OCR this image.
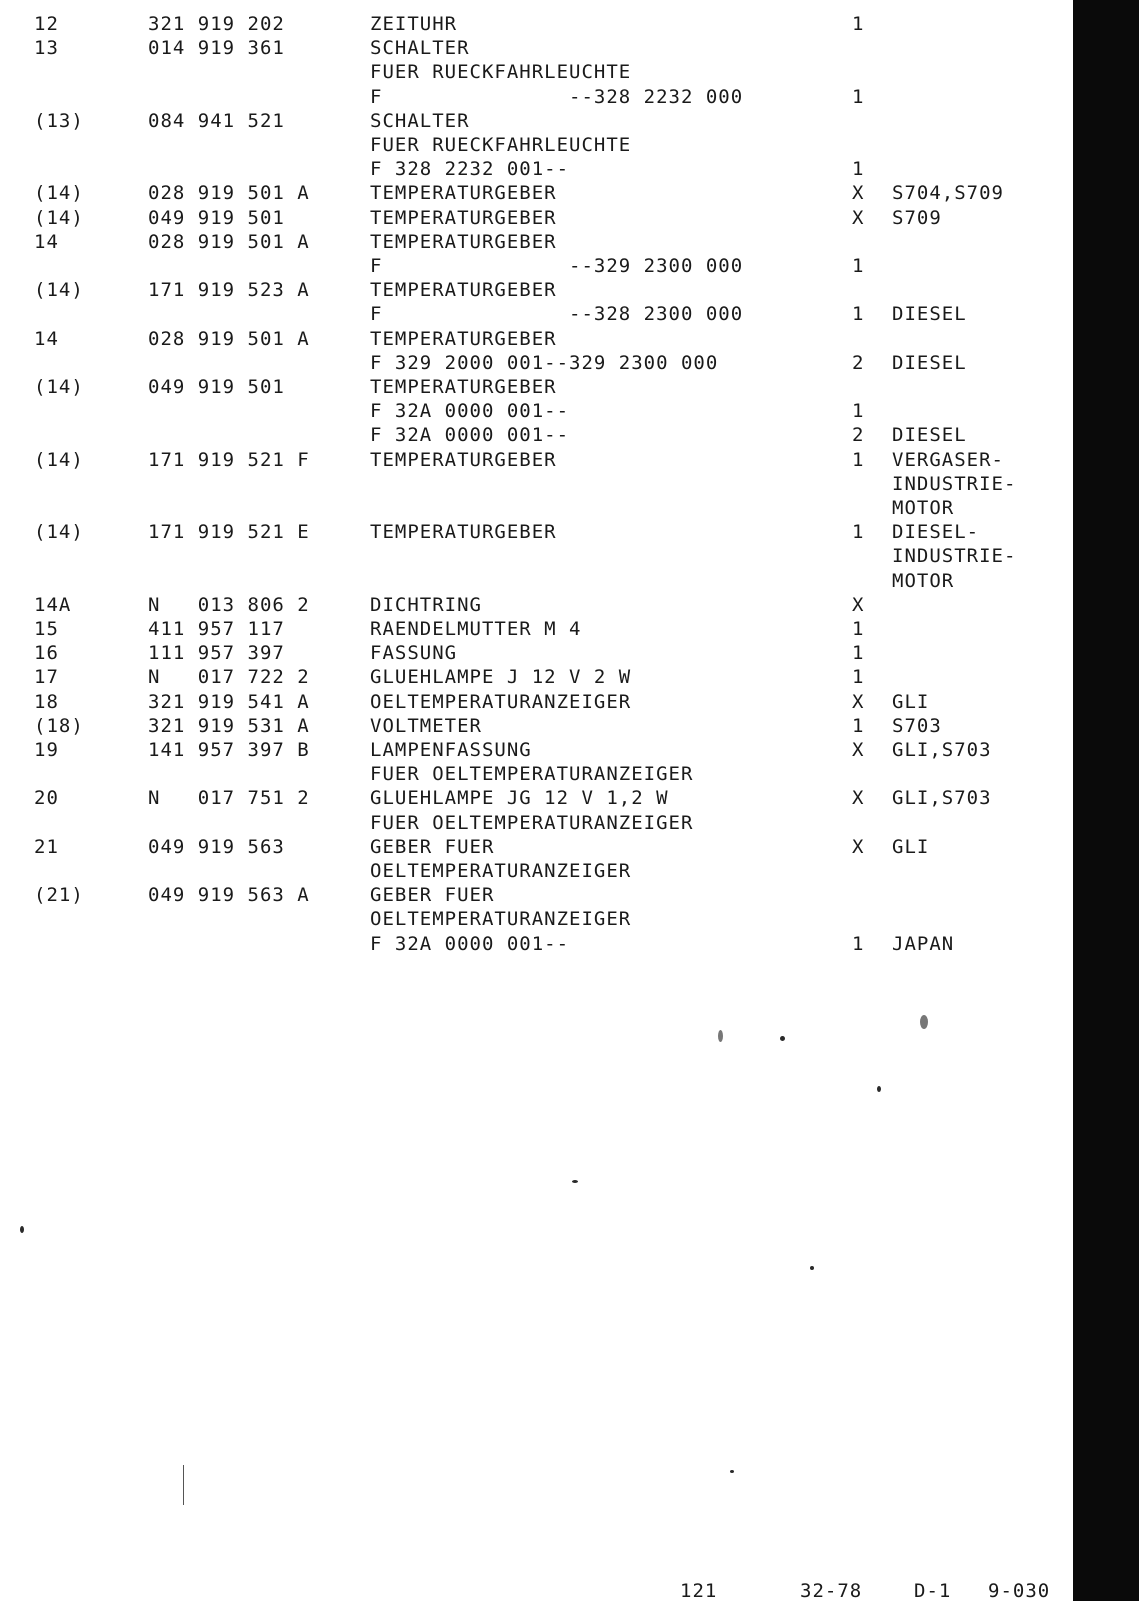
12	321 919 202	ZEITUHR	1
13	014 919 361	SCHALTER
FUER RUECKFAHRLEUCHTE
F               --328 2232 000	1
(13)	084 941 521	SCHALTER
FUER RUECKFAHRLEUCHTE
F 328 2232 001--	1
(14)	028 919 501 A	TEMPERATURGEBER	X S704,S709
(14)	049 919 501	TEMPERATURGEBER	X S709
14	028 919 501 A	TEMPERATURGEBER
F               --329 2300 000	1
(14)	171 919 523 A	TEMPERATURGEBER
F               --328 2300 000	1 DIESEL
14	028 919 501 A	TEMPERATURGEBER
F 329 2000 001--329 2300 000	2 DIESEL
(14)	049 919 501	TEMPERATURGEBER
F 32A 0000 001--	1
F 32A 0000 001--	2 DIESEL
(14)	171 919 521 F	TEMPERATURGEBER	1 VERGASER-
INDUSTRIE-
MOTOR
(14)	171 919 521 E	TEMPERATURGEBER	1 DIESEL-
INDUSTRIE-
MOTOR
14A	N   013 806 2	DICHTRING	X
15	411 957 117	RAENDELMUTTER M 4	1
16	111 957 397	FASSUNG	1
17	N   017 722 2	GLUEHLAMPE J 12 V 2 W	1
18	321 919 541 A	OELTEMPERATURANZEIGER	X GLI
(18)	321 919 531 A	VOLTMETER	1 S703
19	141 957 397 B	LAMPENFASSUNG	X GLI,S703
FUER OELTEMPERATURANZEIGER
20	N   017 751 2	GLUEHLAMPE JG 12 V 1,2 W	X GLI,S703
FUER OELTEMPERATURANZEIGER
21	049 919 563	GEBER FUER	X GLI
OELTEMPERATURANZEIGER
(21)	049 919 563 A	GEBER FUER
OELTEMPERATURANZEIGER
F 32A 0000 001--	1 JAPAN
121	32-78	D-1 9-030
